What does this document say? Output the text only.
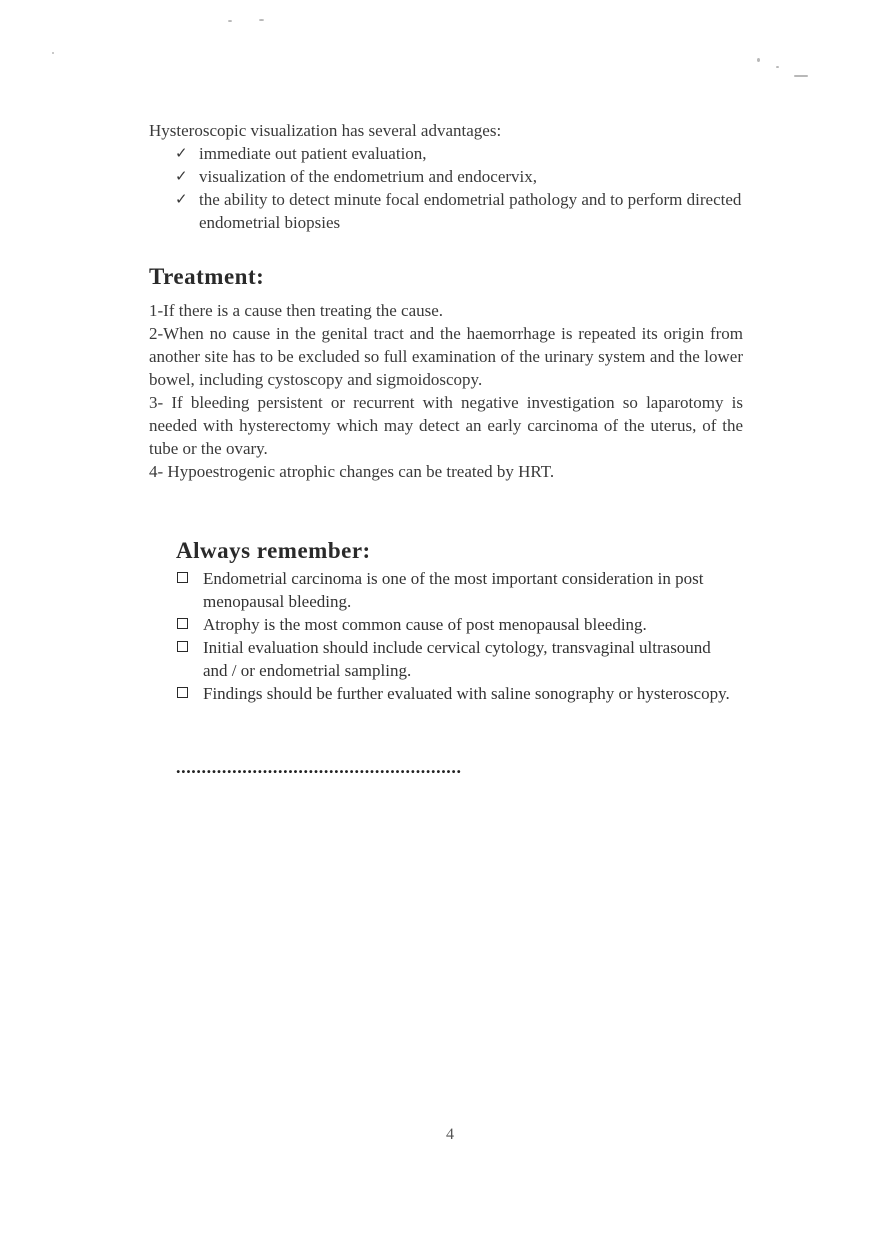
Hysteroscopic visualization has several advantages:
✓ immediate out patient evaluation,
✓ visualization of the endometrium and endocervix,
✓ the ability to detect minute focal endometrial pathology and to perform directed endometrial biopsies
Treatment:

1-If there is a cause then treating the cause.

2-When no cause in the genital tract and the haemorrhage is repeated its origin from another site has to be excluded so full examination of the urinary system and the lower bowel, including cystoscopy and sigmoidoscopy.

3- If bleeding persistent or recurrent with negative investigation so laparotomy is needed with hysterectomy which may detect an early carcinoma of the uterus, of the tube or the ovary.

4- Hypoestrogenic atrophic changes can be treated by HRT.

Always remember:
Endometrial carcinoma is one of the most important consideration in post menopausal bleeding.
Atrophy is the most common cause of post menopausal bleeding.
Initial evaluation should include cervical cytology, transvaginal ultrasound and / or endometrial sampling.
Findings should be further evaluated with saline sonography or hysteroscopy.
........................................................
4
